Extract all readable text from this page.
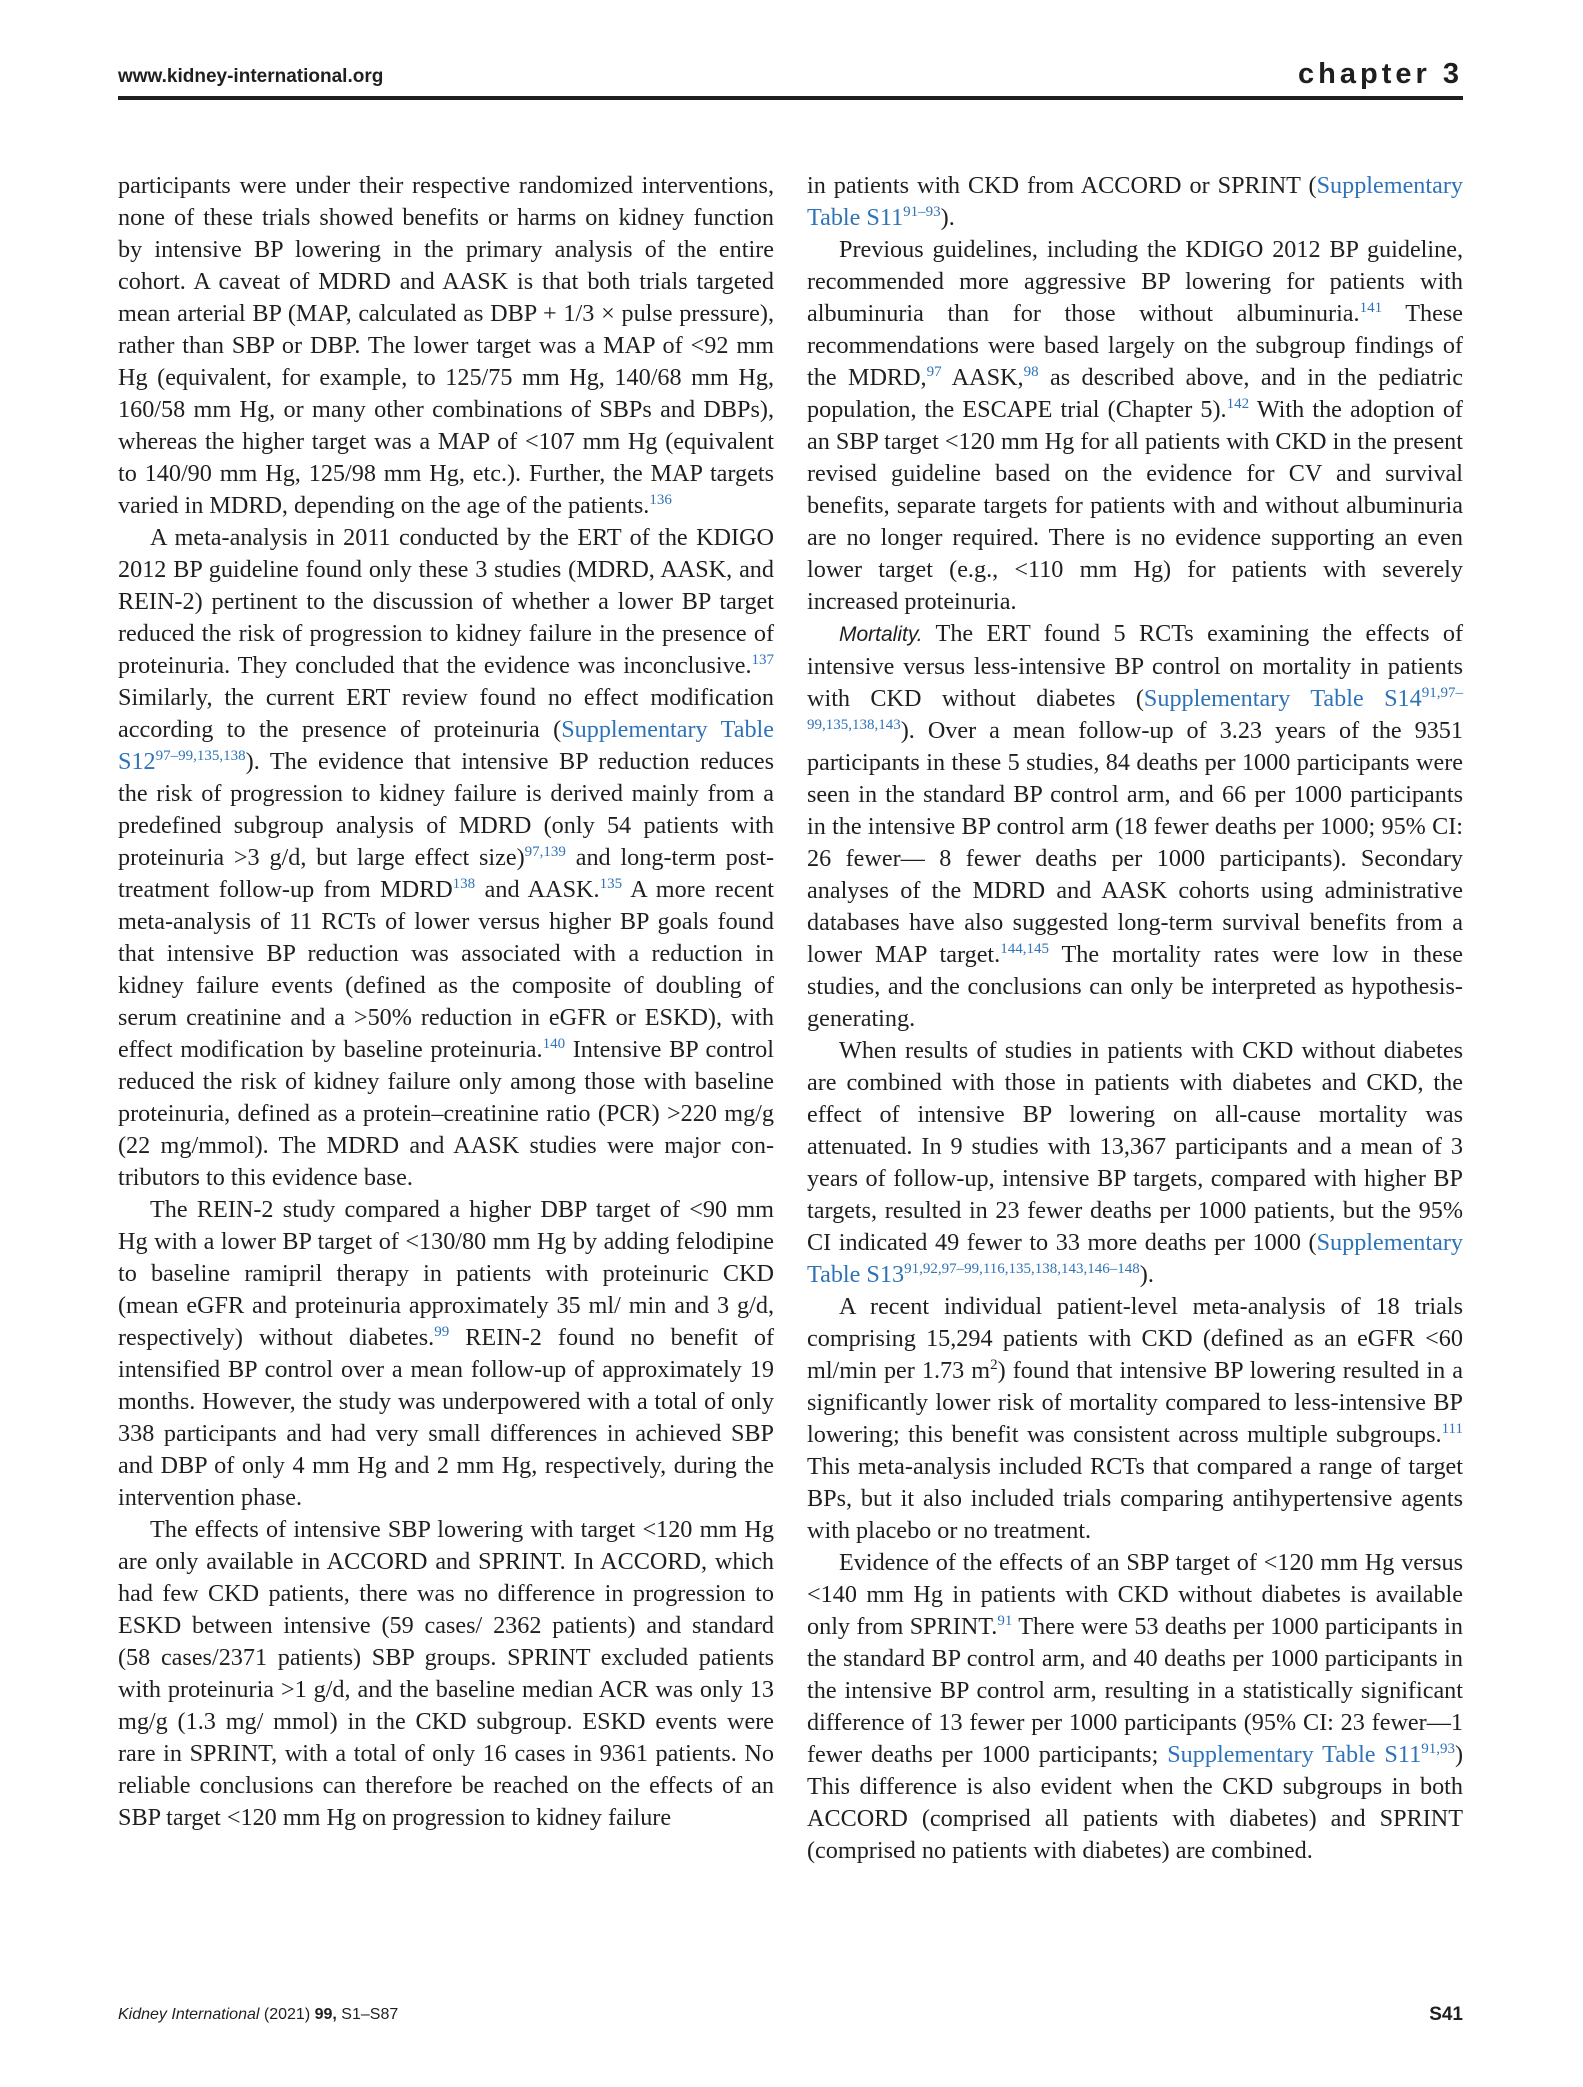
www.kidney-international.org	chapter 3

participants were under their respective randomized interventions, none of these trials showed benefits or harms on kidney function by intensive BP lowering in the primary analysis of the entire cohort. A caveat of MDRD and AASK is that both trials targeted mean arterial BP (MAP, calculated as DBP + 1/3 × pulse pressure), rather than SBP or DBP. The lower target was a MAP of <92 mm Hg (equivalent, for example, to 125/75 mm Hg, 140/68 mm Hg, 160/58 mm Hg, or many other combinations of SBPs and DBPs), whereas the higher target was a MAP of <107 mm Hg (equivalent to 140/90 mm Hg, 125/98 mm Hg, etc.). Further, the MAP targets varied in MDRD, depending on the age of the patients.$^{136}$

A meta-analysis in 2011 conducted by the ERT of the KDIGO 2012 BP guideline found only these 3 studies (MDRD, AASK, and REIN-2) pertinent to the discussion of whether a lower BP target reduced the risk of progression to kidney failure in the presence of proteinuria. They concluded that the evidence was inconclusive.$^{137}$ Similarly, the current ERT review found no effect modification according to the presence of proteinuria (Supplementary Table S12$^{97-99,135,138}$). The evidence that intensive BP reduction reduces the risk of progression to kidney failure is derived mainly from a predefined subgroup analysis of MDRD (only 54 patients with proteinuria >3 g/d, but large effect size)$^{97,139}$ and long-term post-treatment follow-up from MDRD$^{138}$ and AASK.$^{135}$ A more recent meta-analysis of 11 RCTs of lower versus higher BP goals found that intensive BP reduction was associated with a reduction in kidney failure events (defined as the composite of doubling of serum creatinine and a >50% reduction in eGFR or ESKD), with effect modification by baseline proteinuria.$^{140}$ Intensive BP control reduced the risk of kidney failure only among those with baseline proteinuria, defined as a protein–creatinine ratio (PCR) >220 mg/g (22 mg/mmol). The MDRD and AASK studies were major contributors to this evidence base.

The REIN-2 study compared a higher DBP target of <90 mm Hg with a lower BP target of <130/80 mm Hg by adding felodipine to baseline ramipril therapy in patients with proteinuric CKD (mean eGFR and proteinuria approximately 35 ml/ min and 3 g/d, respectively) without diabetes.$^{99}$ REIN-2 found no benefit of intensified BP control over a mean follow-up of approximately 19 months. However, the study was underpowered with a total of only 338 participants and had very small differences in achieved SBP and DBP of only 4 mm Hg and 2 mm Hg, respectively, during the intervention phase.

The effects of intensive SBP lowering with target <120 mm Hg are only available in ACCORD and SPRINT. In ACCORD, which had few CKD patients, there was no difference in progression to ESKD between intensive (59 cases/ 2362 patients) and standard (58 cases/2371 patients) SBP groups. SPRINT excluded patients with proteinuria >1 g/d, and the baseline median ACR was only 13 mg/g (1.3 mg/ mmol) in the CKD subgroup. ESKD events were rare in SPRINT, with a total of only 16 cases in 9361 patients. No reliable conclusions can therefore be reached on the effects of an SBP target <120 mm Hg on progression to kidney failure

in patients with CKD from ACCORD or SPRINT (Supplementary Table S11$^{91-93}$).

Previous guidelines, including the KDIGO 2012 BP guideline, recommended more aggressive BP lowering for patients with albuminuria than for those without albuminuria.$^{141}$ These recommendations were based largely on the subgroup findings of the MDRD,$^{97}$ AASK,$^{98}$ as described above, and in the pediatric population, the ESCAPE trial (Chapter 5).$^{142}$ With the adoption of an SBP target <120 mm Hg for all patients with CKD in the present revised guideline based on the evidence for CV and survival benefits, separate targets for patients with and without albuminuria are no longer required. There is no evidence supporting an even lower target (e.g., <110 mm Hg) for patients with severely increased proteinuria.

Mortality. The ERT found 5 RCTs examining the effects of intensive versus less-intensive BP control on mortality in patients with CKD without diabetes (Supplementary Table S14$^{91,97-99,135,138,143}$). Over a mean follow-up of 3.23 years of the 9351 participants in these 5 studies, 84 deaths per 1000 participants were seen in the standard BP control arm, and 66 per 1000 participants in the intensive BP control arm (18 fewer deaths per 1000; 95% CI: 26 fewer— 8 fewer deaths per 1000 participants). Secondary analyses of the MDRD and AASK cohorts using administrative databases have also suggested long-term survival benefits from a lower MAP target.$^{144,145}$ The mortality rates were low in these studies, and the conclusions can only be interpreted as hypothesis-generating.

When results of studies in patients with CKD without diabetes are combined with those in patients with diabetes and CKD, the effect of intensive BP lowering on all-cause mortality was attenuated. In 9 studies with 13,367 participants and a mean of 3 years of follow-up, intensive BP targets, compared with higher BP targets, resulted in 23 fewer deaths per 1000 patients, but the 95% CI indicated 49 fewer to 33 more deaths per 1000 (Supplementary Table S13$^{91,92,97-99,116,135,138,143,146-148}$).

A recent individual patient-level meta-analysis of 18 trials comprising 15,294 patients with CKD (defined as an eGFR <60 ml/min per 1.73 $m^2$) found that intensive BP lowering resulted in a significantly lower risk of mortality compared to less-intensive BP lowering; this benefit was consistent across multiple subgroups.$^{111}$ This meta-analysis included RCTs that compared a range of target BPs, but it also included trials comparing antihypertensive agents with placebo or no treatment.

Evidence of the effects of an SBP target of <120 mm Hg versus <140 mm Hg in patients with CKD without diabetes is available only from SPRINT.$^{91}$ There were 53 deaths per 1000 participants in the standard BP control arm, and 40 deaths per 1000 participants in the intensive BP control arm, resulting in a statistically significant difference of 13 fewer per 1000 participants (95% CI: 23 fewer—1 fewer deaths per 1000 participants; Supplementary Table S11$^{91,93}$) This difference is also evident when the CKD subgroups in both ACCORD (comprised all patients with diabetes) and SPRINT (comprised no patients with diabetes) are combined.

Kidney International (2021) 99, S1–S87	S41
